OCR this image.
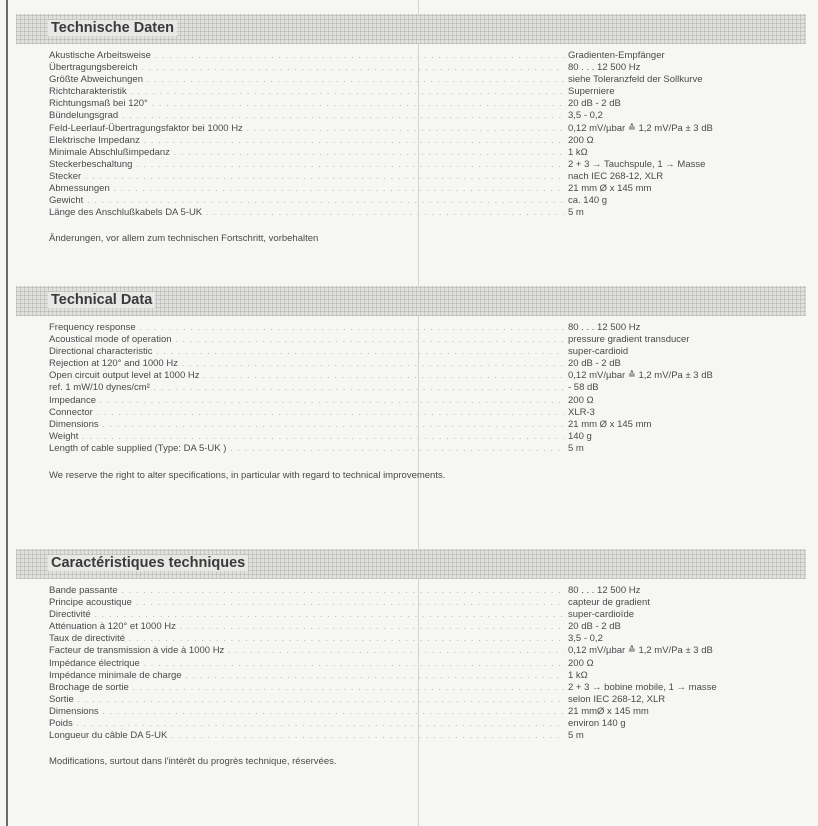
Technische Daten
Akustische Arbeitsweise . . .	Gradienten-Empfänger
Übertragungsbereich . . .	80 . . . 12 500 Hz
Größte Abweichungen . . .	siehe Toleranzfeld der Sollkurve
Richtcharakteristik . . .	Superniere
Richtungsmaß bei 120° . . .	20 dB - 2 dB
Bündelungsgrad . . .	3,5 - 0,2
Feld-Leerlauf-Übertragungsfaktor bei 1000 Hz . . .	0,12 mV/µbar ≙ 1,2 mV/Pa ± 3 dB
Elektrische Impedanz . . .	200 Ω
Minimale Abschlußimpedanz . . .	1 kΩ
Steckerbeschaltung . . .	2 + 3 → Tauchspule, 1 → Masse
Stecker . . .	nach IEC 268-12, XLR
Abmessungen . . .	21 mm Ø x 145 mm
Gewicht . . .	ca. 140 g
Länge des Anschlußkabels DA 5-UK . . .	5 m
Änderungen, vor allem zum technischen Fortschritt, vorbehalten
Technical Data
Frequency response . . .	80 . . . 12 500 Hz
Acoustical mode of operation . . .	pressure gradient transducer
Directional characteristic . . .	super-cardioid
Rejection at 120° and 1000 Hz . . .	20 dB - 2 dB
Open circuit output level at 1000 Hz . . .	0,12 mV/µbar ≙ 1,2 mV/Pa ± 3 dB
ref. 1 mW/10 dynes/cm² . . .	- 58 dB
Impedance . . .	200 Ω
Connector . . .	XLR-3
Dimensions . . .	21 mm Ø x 145 mm
Weight . . .	140 g
Length of cable supplied (Type: DA 5-UK ) . . .	5 m
We reserve the right to alter specifications, in particular with regard to technical improvements.
Caractéristiques techniques
Bande passante . . .	80 . . . 12 500 Hz
Principe acoustique . . .	capteur de gradient
Directivité . . .	super-cardioïde
Atténuation à 120° et 1000 Hz . . .	20 dB - 2 dB
Taux de directivité . . .	3,5 - 0,2
Facteur de transmission à vide à 1000 Hz . . .	0,12 mV/µbar ≙ 1,2 mV/Pa ± 3 dB
Impédance électrique . . .	200 Ω
Impédance minimale de charge . . .	1 kΩ
Brochage de sortie . . .	2 + 3 → bobine mobile, 1 → masse
Sortie . . .	selon IEC 268-12, XLR
Dimensions . . .	21 mmØ x 145 mm
Poids . . .	environ 140 g
Longueur du câble DA 5-UK . . .	5 m
Modifications, surtout dans l'intérêt du progrès technique, réservées.
